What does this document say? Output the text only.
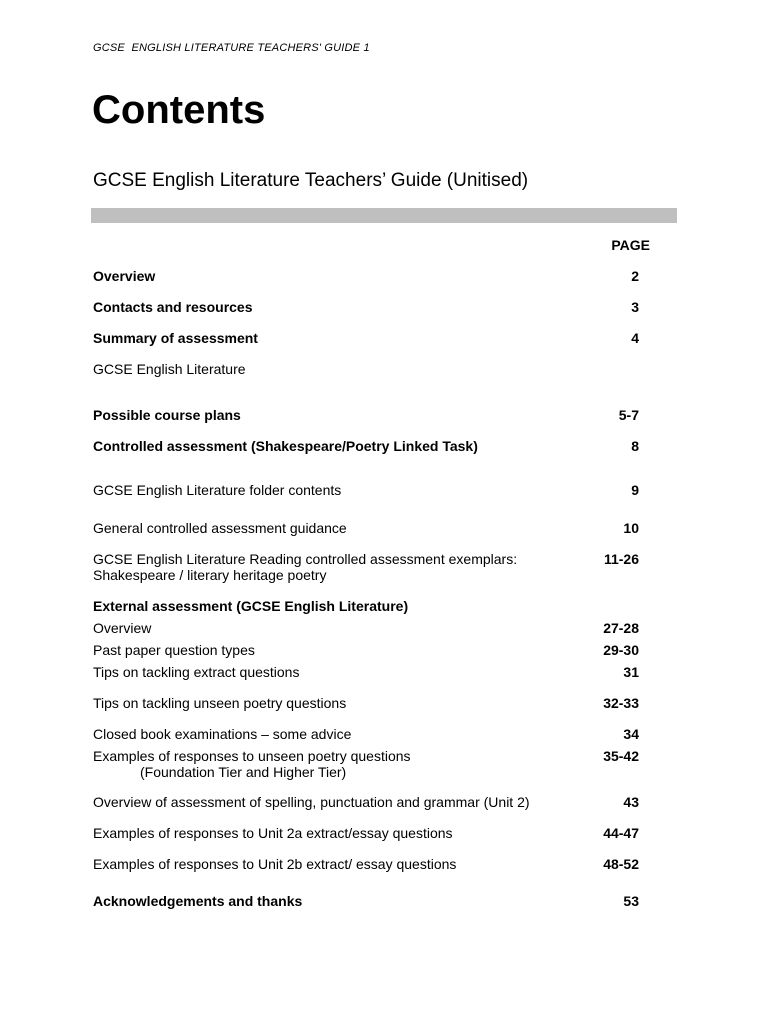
GCSE  ENGLISH LITERATURE TEACHERS' GUIDE 1
Contents
GCSE English Literature Teachers’ Guide (Unitised)
PAGE
Overview	2
Contacts and resources	3
Summary of assessment	4
GCSE English Literature
Possible course plans	5-7
Controlled assessment (Shakespeare/Poetry Linked Task)	8
GCSE English Literature folder contents	9
General controlled assessment guidance	10
GCSE English Literature Reading controlled assessment exemplars:
Shakespeare / literary heritage poetry
11-26
External assessment (GCSE English Literature)
Overview	27-28
Past paper question types	29-30
Tips on tackling extract questions	31
Tips on tackling unseen poetry questions	32-33
Closed book examinations – some advice	34
Examples of responses to unseen poetry questions
(Foundation Tier and Higher Tier)
35-42
Overview of assessment of spelling, punctuation and grammar (Unit 2)	43
Examples of responses to Unit 2a extract/essay questions	44-47
Examples of responses to Unit 2b extract/ essay questions	48-52
Acknowledgements and thanks	53
